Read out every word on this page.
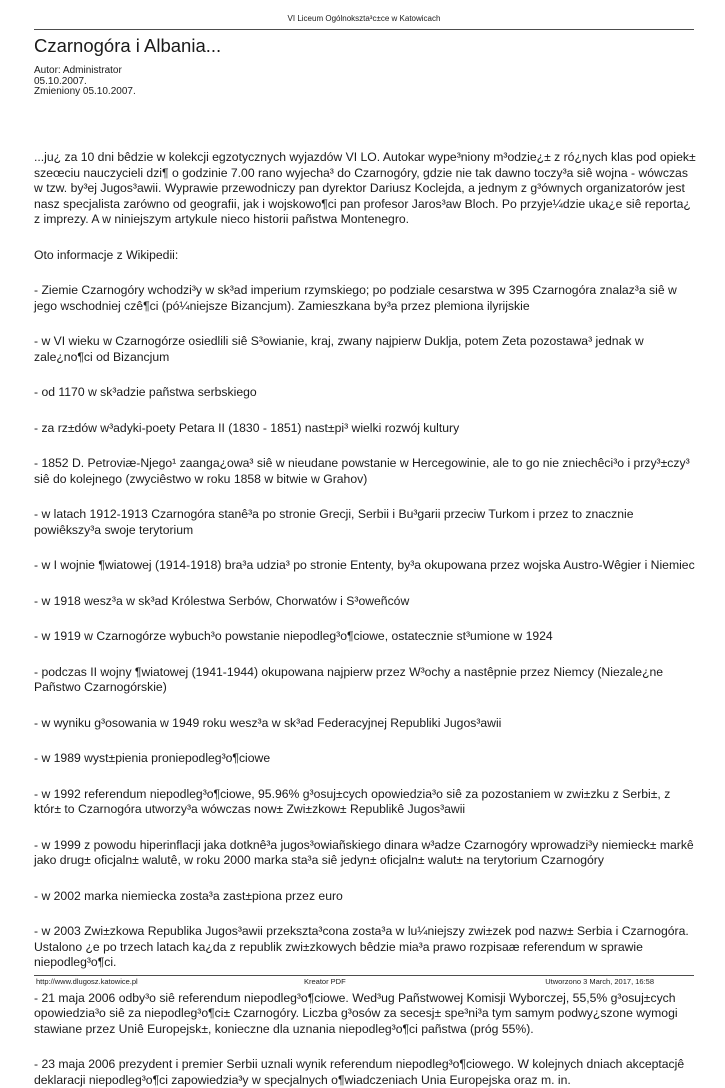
VI Liceum Ogólnokszta³c±ce w Katowicach
Czarnogóra i Albania...
Autor: Administrator
05.10.2007.
Zmieniony 05.10.2007.

...ju¿ za 10 dni bêdzie w kolekcji egzotycznych wyjazdów VI LO. Autokar wype³niony m³odzie¿± z ró¿nych klas pod opiek± szeœciu nauczycieli dzi¶ o godzinie 7.00 rano wyjecha³ do Czarnogóry, gdzie nie tak dawno toczy³a siê wojna - wówczas w tzw. by³ej Jugos³awii. Wyprawie przewodniczy pan dyrektor Dariusz Koclejda, a jednym z g³ównych organizatorów jest nasz specjalista zarówno od geografii, jak i wojskowo¶ci pan profesor Jaros³aw Bloch. Po przyje¼dzie uka¿e siê reporta¿ z imprezy. A w niniejszym artykule nieco historii pañstwa Montenegro.

Oto informacje z Wikipedii:

- Ziemie Czarnogóry wchodzi³y w sk³ad imperium rzymskiego; po podziale cesarstwa w 395 Czarnogóra znalaz³a siê w jego wschodniej czê¶ci (pó¼niejsze Bizancjum). Zamieszkana by³a przez plemiona ilyrijskie

- w VI wieku w Czarnogórze osiedlili siê S³owianie, kraj, zwany najpierw Duklja, potem Zeta pozostawa³ jednak w zale¿no¶ci od Bizancjum

- od 1170 w sk³adzie pañstwa serbskiego

- za rz±dów w³adyki-poety Petara II (1830 - 1851) nast±pi³ wielki rozwój kultury

- 1852 D. Petroviæ-Njego¹ zaanga¿owa³ siê w nieudane powstanie w Hercegowinie, ale to go nie zniechêci³o i przy³±czy³ siê do kolejnego (zwyciêstwo w roku 1858 w bitwie w Grahov)

- w latach 1912-1913 Czarnogóra stanê³a po stronie Grecji, Serbii i Bu³garii przeciw Turkom i przez to znacznie powiêkszy³a swoje terytorium

- w I wojnie ¶wiatowej (1914-1918) bra³a udzia³ po stronie Ententy, by³a okupowana przez wojska Austro-Wêgier i Niemiec

- w 1918 wesz³a w sk³ad Królestwa Serbów, Chorwatów i S³oweñców

- w 1919 w Czarnogórze wybuch³o powstanie niepodleg³o¶ciowe, ostatecznie st³umione w 1924

- podczas II wojny ¶wiatowej (1941-1944) okupowana najpierw przez W³ochy a nastêpnie przez Niemcy (Niezale¿ne Pañstwo Czarnogórskie)

- w wyniku g³osowania w 1949 roku wesz³a w sk³ad Federacyjnej Republiki Jugos³awii

- w 1989 wyst±pienia proniepodleg³o¶ciowe

- w 1992 referendum niepodleg³o¶ciowe, 95.96% g³osuj±cych opowiedzia³o siê za pozostaniem w zwi±zku z Serbi±, z któr± to Czarnogóra utworzy³a wówczas now± Zwi±zkow± Republikê Jugos³awii

- w 1999 z powodu hiperinflacji jaka dotknê³a jugos³owiañskiego dinara w³adze Czarnogóry wprowadzi³y niemieck± markê jako drug± oficjaln± walutê, w roku 2000 marka sta³a siê jedyn± oficjaln± walut± na terytorium Czarnogóry

- w 2002 marka niemiecka zosta³a zast±piona przez euro

- w 2003 Zwi±zkowa Republika Jugos³awii przekszta³cona zosta³a w lu¼niejszy zwi±zek pod nazw± Serbia i Czarnogóra. Ustalono ¿e po trzech latach ka¿da z republik zwi±zkowych bêdzie mia³a prawo rozpisaæ referendum w sprawie niepodleg³o¶ci.

- 21 maja 2006 odby³o siê referendum niepodleg³o¶ciowe. Wed³ug Pañstwowej Komisji Wyborczej, 55,5% g³osuj±cych opowiedzia³o siê za niepodleg³o¶ci± Czarnogóry. Liczba g³osów za secesj± spe³ni³a tym samym podwy¿szone wymogi stawiane przez Uniê Europejsk±, konieczne dla uznania niepodleg³o¶ci pañstwa (próg 55%).

- 23 maja 2006 prezydent i premier Serbii uznali wynik referendum niepodleg³o¶ciowego. W kolejnych dniach akceptacjê deklaracji niepodleg³o¶ci zapowiedzia³y w specjalnych o¶wiadczeniach Unia Europejska oraz m. in.

http://www.dlugosz.katowice.pl	Kreator PDF	Utworzono 3 March, 2017, 16:58
